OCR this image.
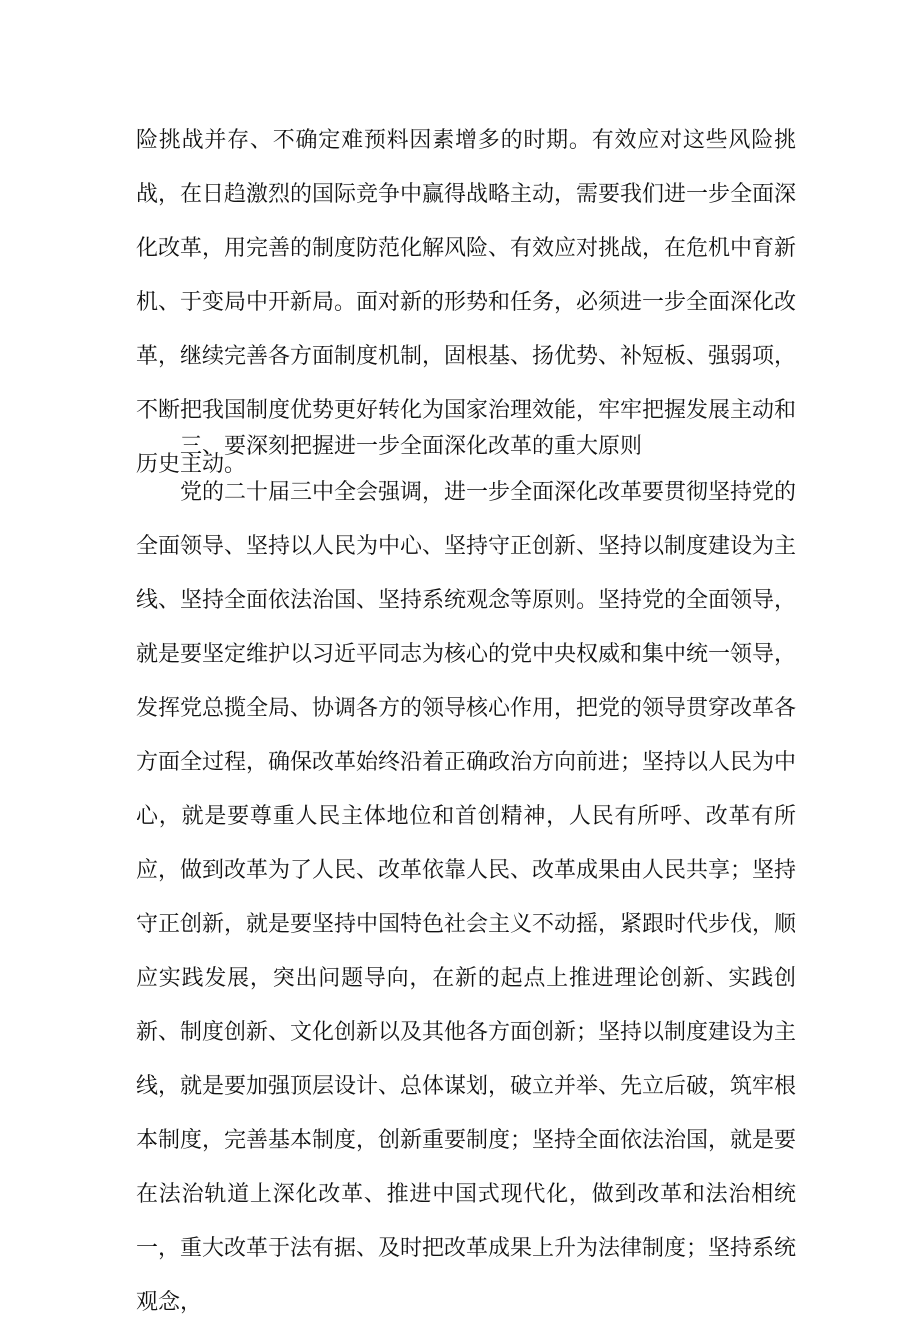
险挑战并存、不确定难预料因素增多的时期。有效应对这些风险挑战，在日趋激烈的国际竞争中赢得战略主动，需要我们进一步全面深化改革，用完善的制度防范化解风险、有效应对挑战，在危机中育新机、于变局中开新局。面对新的形势和任务，必须进一步全面深化改革，继续完善各方面制度机制，固根基、扬优势、补短板、强弱项，不断把我国制度优势更好转化为国家治理效能，牢牢把握发展主动和历史主动。
三、要深刻把握进一步全面深化改革的重大原则
党的二十届三中全会强调，进一步全面深化改革要贯彻坚持党的全面领导、坚持以人民为中心、坚持守正创新、坚持以制度建设为主线、坚持全面依法治国、坚持系统观念等原则。坚持党的全面领导，就是要坚定维护以习近平同志为核心的党中央权威和集中统一领导，发挥党总揽全局、协调各方的领导核心作用，把党的领导贯穿改革各方面全过程，确保改革始终沿着正确政治方向前进；坚持以人民为中心，就是要尊重人民主体地位和首创精神，人民有所呼、改革有所应，做到改革为了人民、改革依靠人民、改革成果由人民共享；坚持守正创新，就是要坚持中国特色社会主义不动摇，紧跟时代步伐，顺应实践发展，突出问题导向，在新的起点上推进理论创新、实践创新、制度创新、文化创新以及其他各方面创新；坚持以制度建设为主线，就是要加强顶层设计、总体谋划，破立并举、先立后破，筑牢根本制度，完善基本制度，创新重要制度；坚持全面依法治国，就是要在法治轨道上深化改革、推进中国式现代化，做到改革和法治相统一，重大改革于法有据、及时把改革成果上升为法律制度；坚持系统观念，
